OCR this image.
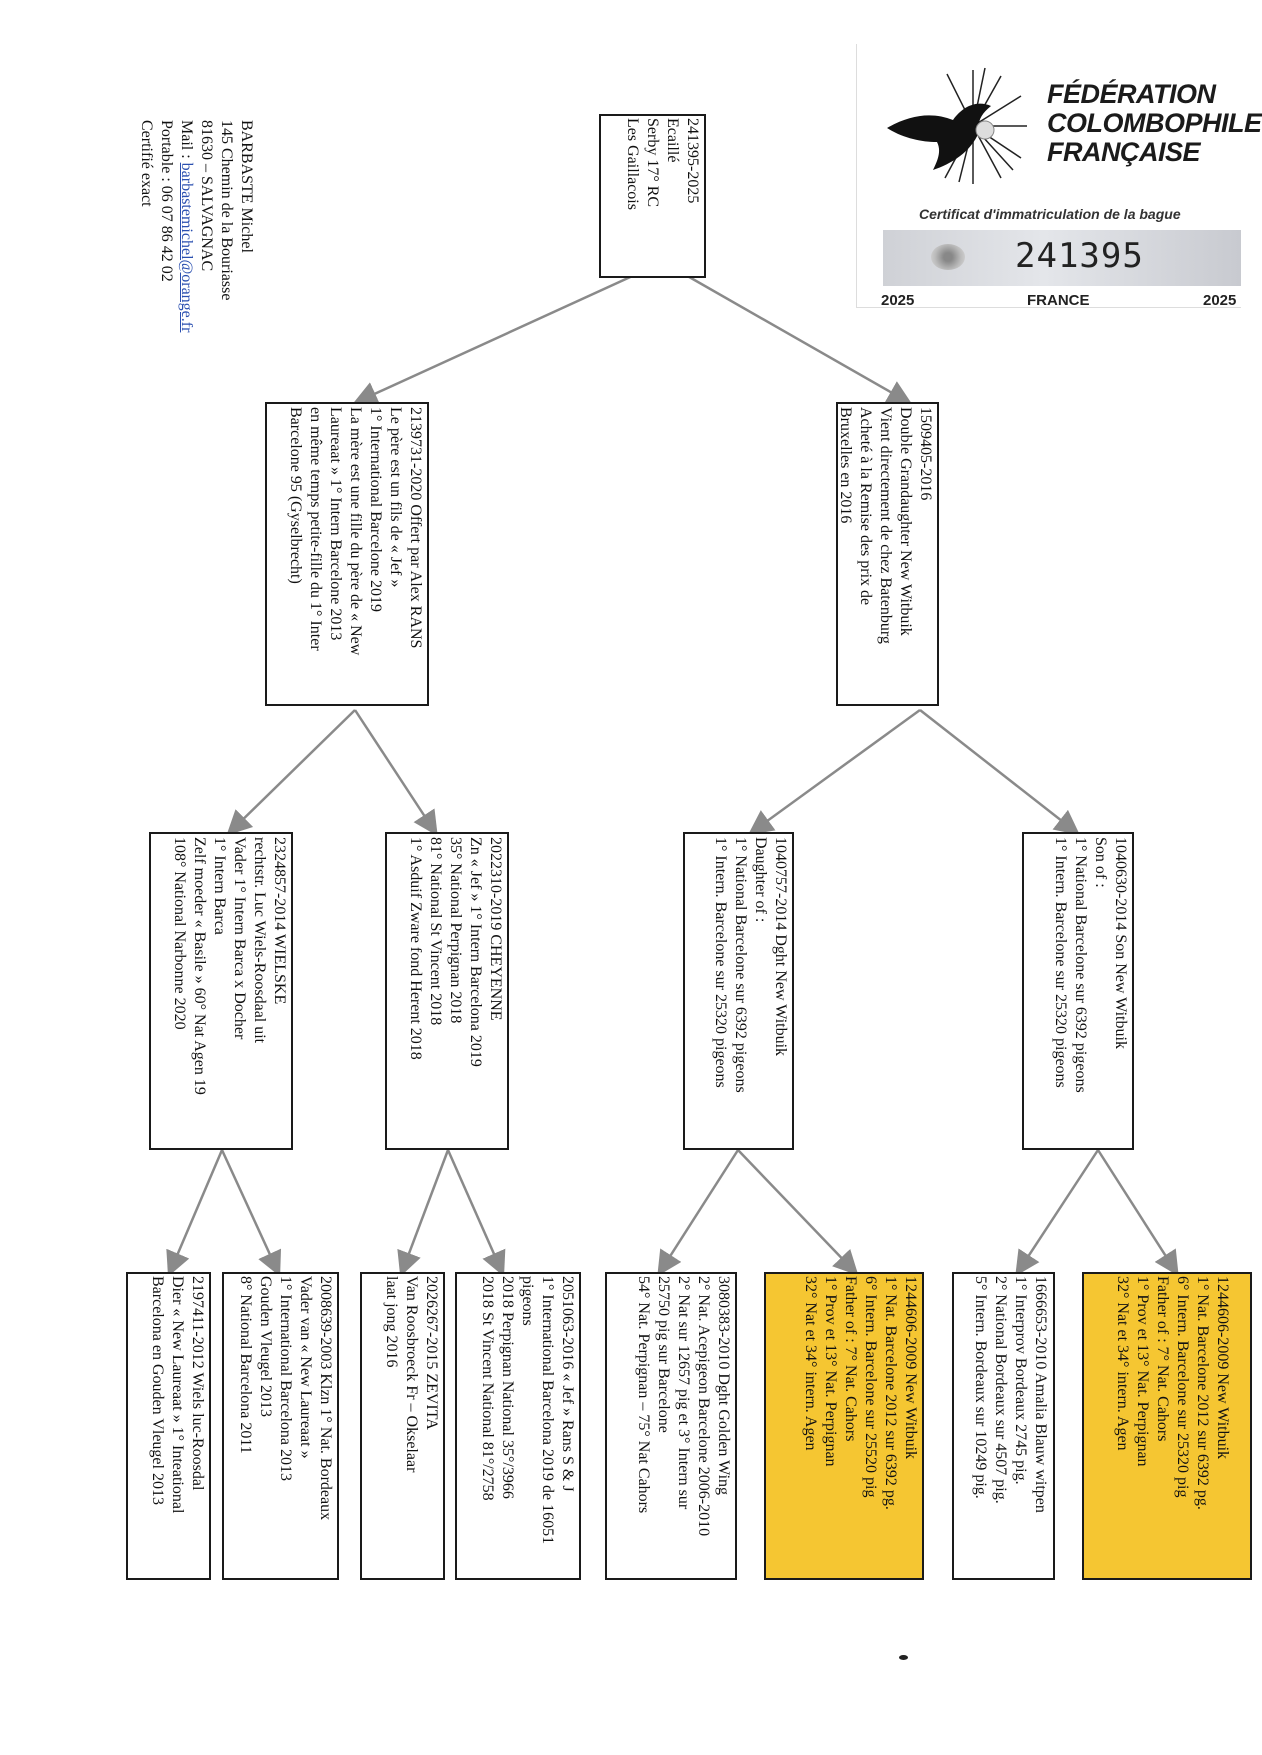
FÉDÉRATION
COLOMBOPHILE
FRANÇAISE
Certificat d'immatriculation de la bague
241395
2025	FRANCE	2025
BARBASTE Michel
145 Chemin de la Bouriasse
81630 – SALVAGNAC
Mail : barbastemichel@orange.fr
Portable : 06 07 86 42 02
Certifié exact	241395-2025
Ecaillé
Serby 17° RC
Les Gaillacois
1509405-2016
Double Grandaughter New Witbuik
Vient directement de chez Batenburg
Acheté à la Remise des prix de
Bruxelles en 2016
2139731-2020 Offert par Alex RANS
Le père est un fils de « Jef »
1° International Barcelone 2019
La mère est une fille du père de « New
Laureaat » 1° Intern Barcelone 2013
en même temps petite-fille du 1° Inter
Barcelone 95 (Gyselbrecht)
1040630-2014 Son New Witbuik
Son of :
1° National Barcelone sur 6392 pigeons
1° Intern. Barcelone sur 25320 pigeons
1040757-2014 Dght New Witbuik
Daughter of :
1° National Barcelone sur 6392 pigeons
1° Intern. Barcelone sur 25320 pigeons
2022310-2019 CHEYENNE
Zn « Jef » 1° Intern Barcelona 2019
35° National Perpignan 2018
81° National St Vincent 2018
1° Asduif Zware fond Herent 2018
2324857-2014 WIELSKE
rechtstr. Luc Wiels-Roosdaal uit
Vader 1° Intern Barca x Docher
1° Intern Barca
Zelf moeder « Basile » 60° Nat Agen 19
108° National Narbonne 2020
1244606-2009 New Witbuik
1° Nat. Barcelone 2012 sur 6392 pg.
6° Intern. Barcelone sur 25320 pig
Father of : 7° Nat. Cahors
1° Prov et 13° Nat. Perpignan
32° Nat et 34° intern. Agen
1666653-2010 Amalia Blauw witpen
1° Interprov Bordeaux 2745 pig.
2° National Bordeaux sur 4507 pig.
5° Intern. Bordeaux sur 10249 pig.
1244606-2009 New Witbuik
1° Nat. Barcelone 2012 sur 6392 pg.
6° Intern. Barcelone sur 25520 pig
Father of : 7° Nat. Cahors
1° Prov et 13° Nat. Perpignan
32° Nat et 34° intern. Agen
3080383-2010 Dght Golden Wing
2° Nat. Acepigeon Barcelone 2006-2010
2° Nat sur 12657 pig et 3° Intern sur
25750 pig sur Barcelone
54° Nat. Perpignan – 75° Nat Cahors
2051063-2016 « Jef » Rans S & J
1° International Barcelona 2019 de 16051
pigeons
2018 Perpignan National 35°/3966
2018 St Vincent National 81°/2758
2026267-2015 ZEVITA
Van Roosbroeck Fr – Okselaar
laat jong 2016
2008639-2003 Klzn 1° Nat. Bordeaux
Vader van « New Laureaat »
1° International Barcelona 2013
Gouden Vleugel 2013
8° National Barcelona 2011
2197411-2012 Wiels luc-Roosdal
Dier « New Laureaat » 1° Inteational
Barcelona en Gouden Vleugel 2013
